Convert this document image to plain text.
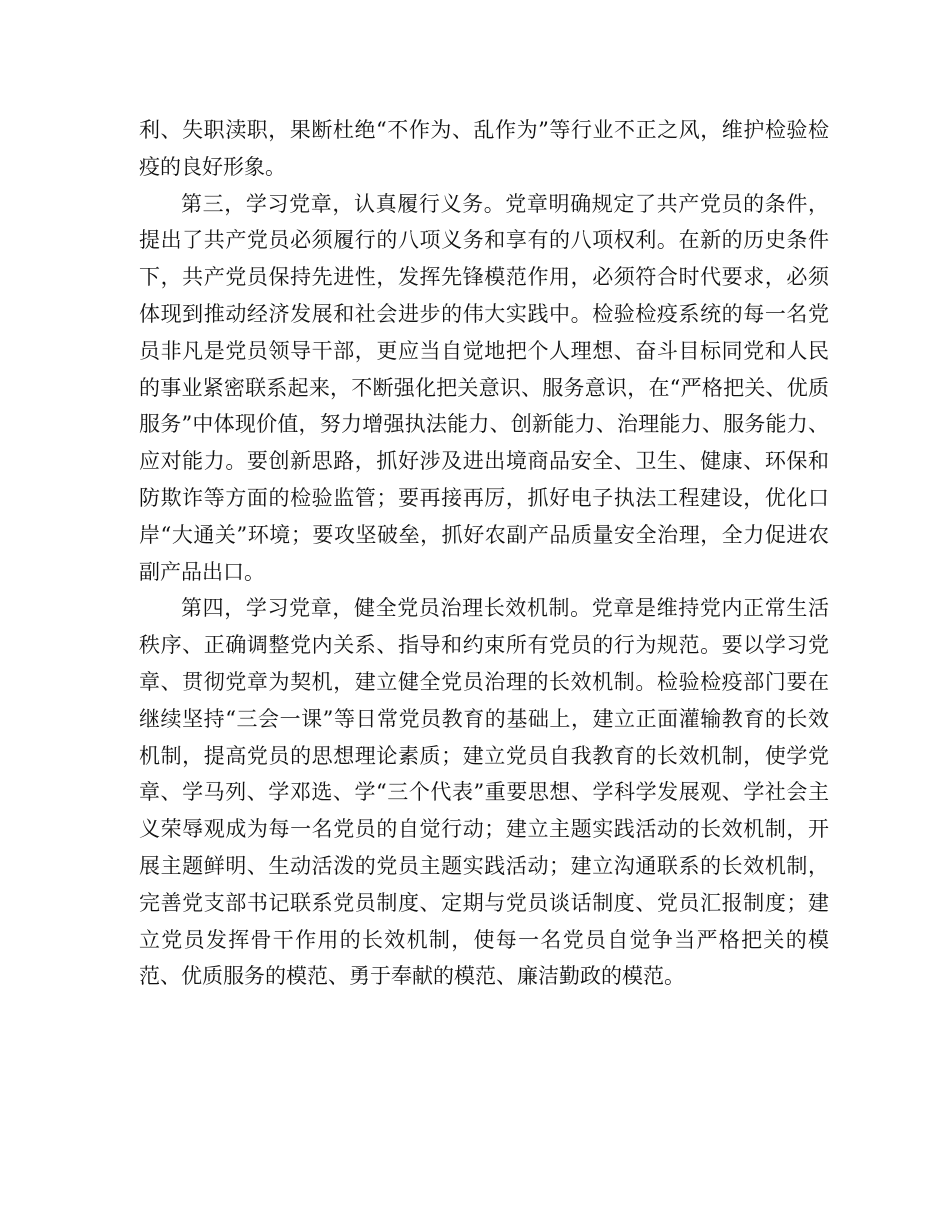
利、失职渎职，果断杜绝“不作为、乱作为”等行业不正之风，维护检验检疫的良好形象。

第三，学习党章，认真履行义务。党章明确规定了共产党员的条件，提出了共产党员必须履行的八项义务和享有的八项权利。在新的历史条件下，共产党员保持先进性，发挥先锋模范作用，必须符合时代要求，必须体现到推动经济发展和社会进步的伟大实践中。检验检疫系统的每一名党员非凡是党员领导干部，更应当自觉地把个人理想、奋斗目标同党和人民的事业紧密联系起来，不断强化把关意识、服务意识，在“严格把关、优质服务”中体现价值，努力增强执法能力、创新能力、治理能力、服务能力、应对能力。要创新思路，抓好涉及进出境商品安全、卫生、健康、环保和防欺诈等方面的检验监管；要再接再厉，抓好电子执法工程建设，优化口岸“大通关”环境；要攻坚破垒，抓好农副产品质量安全治理，全力促进农副产品出口。

第四，学习党章，健全党员治理长效机制。党章是维持党内正常生活秩序、正确调整党内关系、指导和约束所有党员的行为规范。要以学习党章、贯彻党章为契机，建立健全党员治理的长效机制。检验检疫部门要在继续坚持“三会一课”等日常党员教育的基础上，建立正面灌输教育的长效机制，提高党员的思想理论素质；建立党员自我教育的长效机制，使学党章、学马列、学邓选、学“三个代表”重要思想、学科学发展观、学社会主义荣辱观成为每一名党员的自觉行动；建立主题实践活动的长效机制，开展主题鲜明、生动活泼的党员主题实践活动；建立沟通联系的长效机制，完善党支部书记联系党员制度、定期与党员谈话制度、党员汇报制度；建立党员发挥骨干作用的长效机制，使每一名党员自觉争当严格把关的模范、优质服务的模范、勇于奉献的模范、廉洁勤政的模范。
